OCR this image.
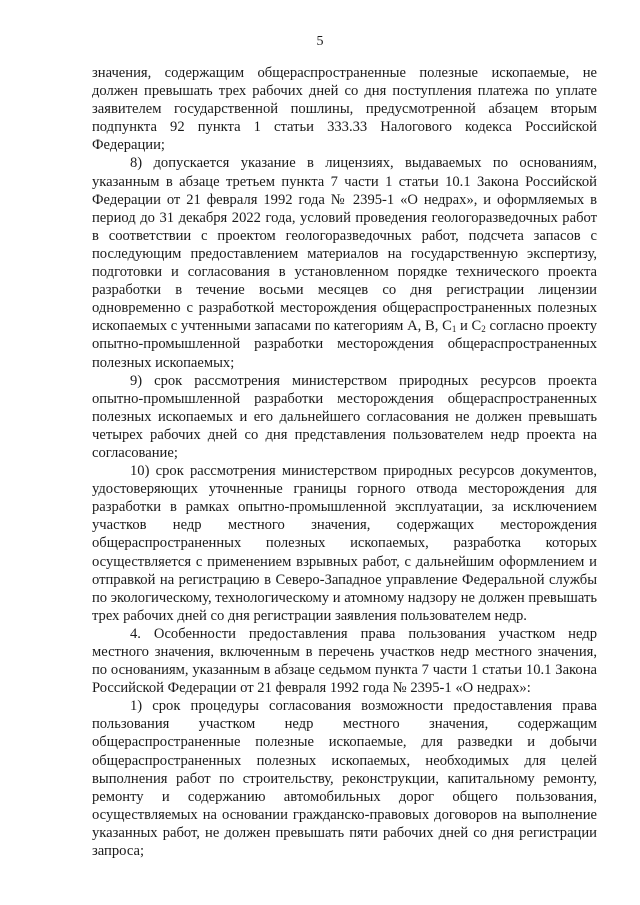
5

значения, содержащим общераспространенные полезные ископаемые, не должен превышать трех рабочих дней со дня поступления платежа по уплате заявителем государственной пошлины, предусмотренной абзацем вторым подпункта 92 пункта 1 статьи 333.33 Налогового кодекса Российской Федерации;

8) допускается указание в лицензиях, выдаваемых по основаниям, указанным в абзаце третьем пункта 7 части 1 статьи 10.1 Закона Российской Федерации от 21 февраля 1992 года № 2395-1 «О недрах», и оформляемых в период до 31 декабря 2022 года, условий проведения геологоразведочных работ в соответствии с проектом геологоразведочных работ, подсчета запасов с последующим предоставлением материалов на государственную экспертизу, подготовки и согласования в установленном порядке технического проекта разработки в течение восьми месяцев со дня регистрации лицензии одновременно с разработкой месторождения общераспространенных полезных ископаемых с учтенными запасами по категориям А, В, $С_1$ и $С_2$ согласно проекту опытно-промышленной разработки месторождения общераспространенных полезных ископаемых;

9) срок рассмотрения министерством природных ресурсов проекта опытно-промышленной разработки месторождения общераспространенных полезных ископаемых и его дальнейшего согласования не должен превышать четырех рабочих дней со дня представления пользователем недр проекта на согласование;

10) срок рассмотрения министерством природных ресурсов документов, удостоверяющих уточненные границы горного отвода месторождения для разработки в рамках опытно-промышленной эксплуатации, за исключением участков недр местного значения, содержащих месторождения общераспространенных полезных ископаемых, разработка которых осуществляется с применением взрывных работ, с дальнейшим оформлением и отправкой на регистрацию в Северо-Западное управление Федеральной службы по экологическому, технологическому и атомному надзору не должен превышать трех рабочих дней со дня регистрации заявления пользователем недр.

4. Особенности предоставления права пользования участком недр местного значения, включенным в перечень участков недр местного значения, по основаниям, указанным в абзаце седьмом пункта 7 части 1 статьи 10.1 Закона Российской Федерации от 21 февраля 1992 года № 2395-1 «О недрах»:

1) срок процедуры согласования возможности предоставления права пользования участком недр местного значения, содержащим общераспространенные полезные ископаемые, для разведки и добычи общераспространенных полезных ископаемых, необходимых для целей выполнения работ по строительству, реконструкции, капитальному ремонту, ремонту и содержанию автомобильных дорог общего пользования, осуществляемых на основании гражданско-правовых договоров на выполнение указанных работ, не должен превышать пяти рабочих дней со дня регистрации запроса;
